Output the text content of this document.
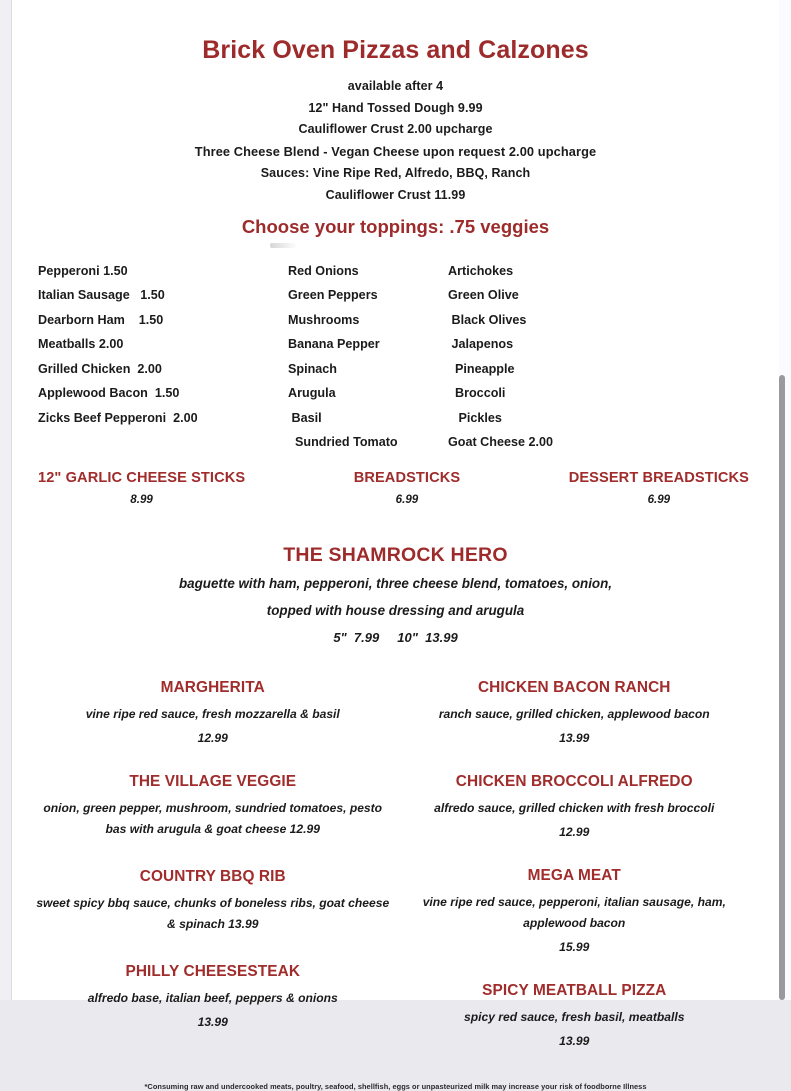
Brick Oven Pizzas and Calzones
available after 4
12" Hand Tossed Dough 9.99
Cauliflower Crust 2.00 upcharge
Three Cheese Blend - Vegan Cheese upon request 2.00 upcharge
Sauces: Vine Ripe Red, Alfredo, BBQ, Ranch
Cauliflower Crust 11.99
Choose your toppings: .75 veggies
Pepperoni 1.50
Italian Sausage   1.50
Dearborn Ham    1.50
Meatballs 2.00
Grilled Chicken  2.00
Applewood Bacon  1.50
Zicks Beef Pepperoni  2.00
Red Onions
Green Peppers
Mushrooms
Banana Pepper
Spinach
Arugula
Basil
Sundried Tomato
Artichokes
Green Olive
Black Olives
Jalapenos
Pineapple
Broccoli
Pickles
Goat Cheese 2.00
12" GARLIC CHEESE STICKS
8.99
BREADSTICKS
6.99
DESSERT BREADSTICKS
6.99
THE SHAMROCK HERO
baguette with ham, pepperoni, three cheese blend, tomatoes, onion,
topped with house dressing and arugula
5"  7.99     10"  13.99
MARGHERITA
vine ripe red sauce, fresh mozzarella & basil
12.99
THE VILLAGE VEGGIE
onion, green pepper, mushroom, sundried tomatoes, pesto bas with arugula & goat cheese 12.99
COUNTRY BBQ RIB
sweet spicy bbq sauce, chunks of boneless ribs, goat cheese & spinach 13.99
PHILLY CHEESESTEAK
alfredo base, italian beef, peppers & onions
13.99
CHICKEN BACON RANCH
ranch sauce, grilled chicken, applewood bacon
13.99
CHICKEN BROCCOLI ALFREDO
alfredo sauce, grilled chicken with fresh broccoli
12.99
MEGA MEAT
vine ripe red sauce, pepperoni, italian sausage, ham, applewood bacon
15.99
SPICY MEATBALL PIZZA
spicy red sauce, fresh basil, meatballs
13.99
*Consuming raw and undercooked meats, poultry, seafood, shellfish, eggs or unpasteurized milk may increase your risk of foodborne Illness
